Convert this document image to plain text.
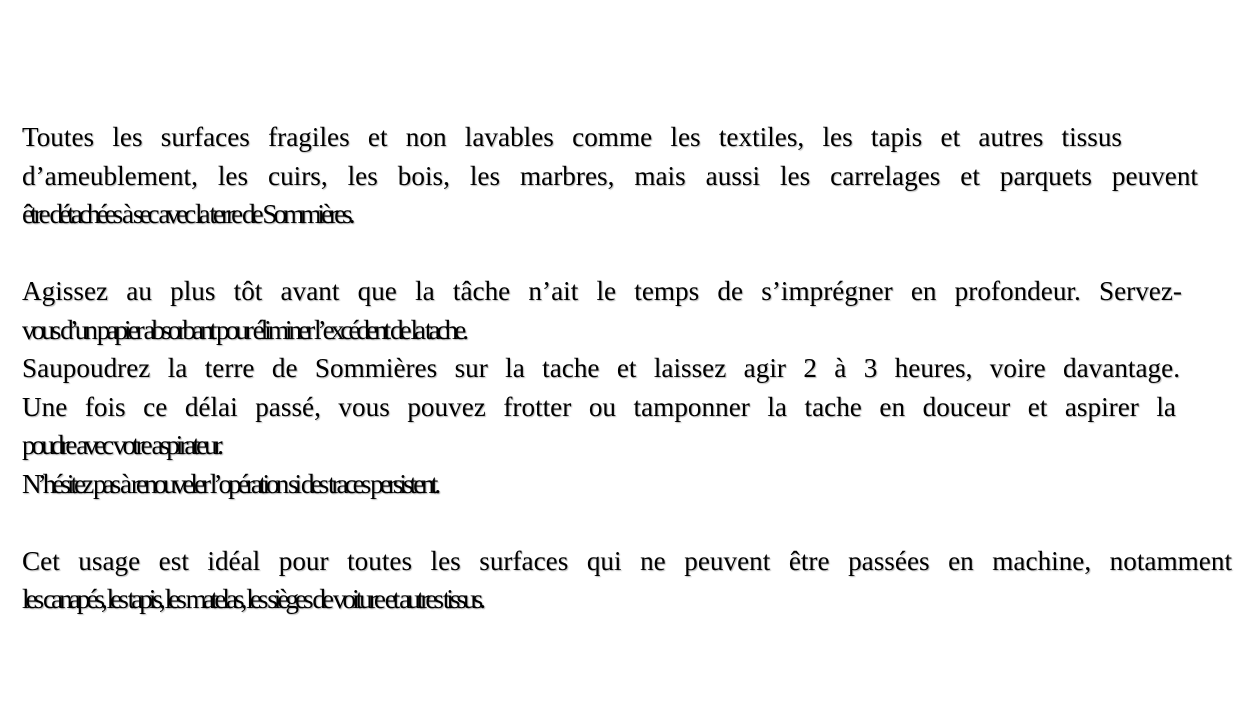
Toutes les surfaces fragiles et non lavables comme les textiles, les tapis et autres tissus
d’ameublement, les cuirs, les bois, les marbres, mais aussi les carrelages et parquets peuvent
être détachées à sec avec la terre de Sommières.
Agissez au plus tôt avant que la tâche n’ait le temps de s’imprégner en profondeur. Servez-
vous d’un papier absorbant pour éliminer l’excédent de la tache.
Saupoudrez la terre de Sommières sur la tache et laissez agir 2 à 3 heures, voire davantage.
Une fois ce délai passé, vous pouvez frotter ou tamponner la tache en douceur et aspirer la
poudre avec votre aspirateur.
N’hésitez pas à renouveler l’opération si des traces persistent.
Cet usage est idéal pour toutes les surfaces qui ne peuvent être passées en machine, notamment
les canapés, les tapis, les matelas, les sièges de voiture et autres tissus.
